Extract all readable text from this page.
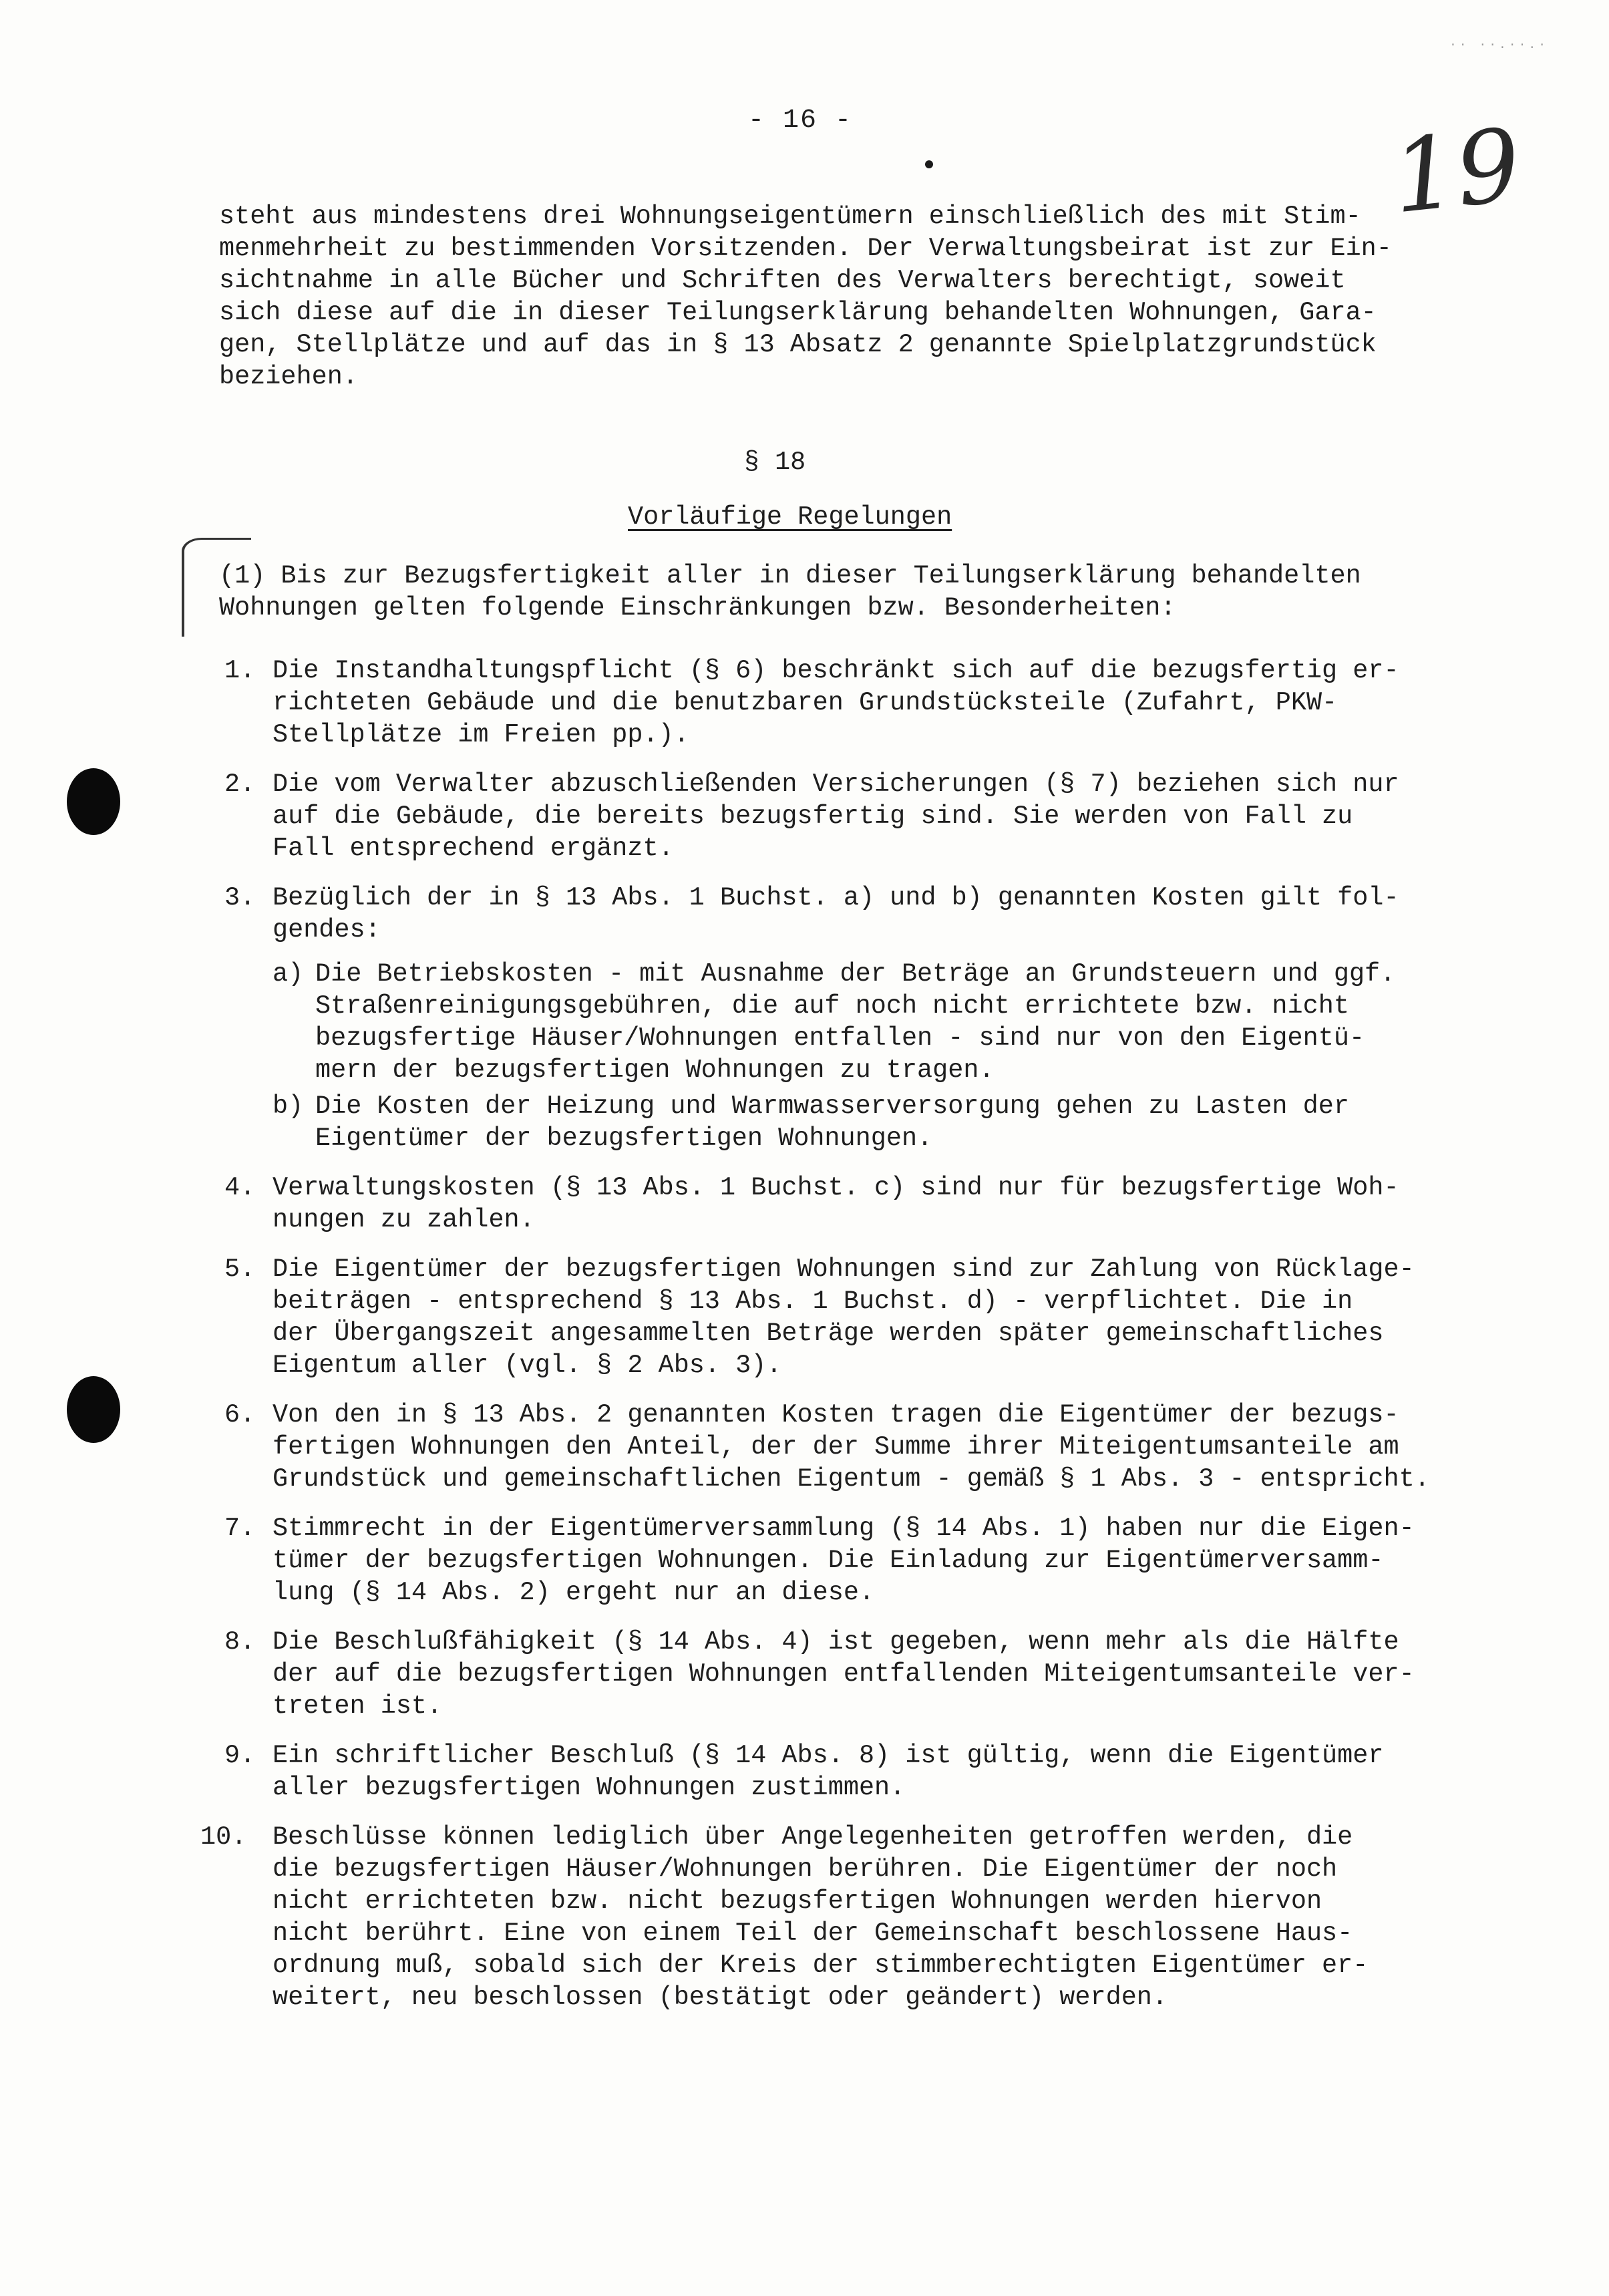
·· ··.··.·
- 16 -	19

steht aus mindestens drei Wohnungseigentümern einschließlich des mit Stim-
menmehrheit zu bestimmenden Vorsitzenden. Der Verwaltungsbeirat ist zur Ein-
sichtnahme in alle Bücher und Schriften des Verwalters berechtigt, soweit
sich diese auf die in dieser Teilungserklärung behandelten Wohnungen, Gara-
gen, Stellplätze und auf das in § 13 Absatz 2 genannte Spielplatzgrundstück
beziehen.

§ 18

Vorläufige Regelungen

(1) Bis zur Bezugsfertigkeit aller in dieser Teilungserklärung behandelten
Wohnungen gelten folgende Einschränkungen bzw. Besonderheiten:

1. Die Instandhaltungspflicht (§ 6) beschränkt sich auf die bezugsfertig er-
richteten Gebäude und die benutzbaren Grundstücksteile (Zufahrt, PKW-
Stellplätze im Freien pp.).
2. Die vom Verwalter abzuschließenden Versicherungen (§ 7) beziehen sich nur
auf die Gebäude, die bereits bezugsfertig sind. Sie werden von Fall zu
Fall entsprechend ergänzt.
3. Bezüglich der in § 13 Abs. 1 Buchst. a) und b) genannten Kosten gilt fol-
gendes:
a) Die Betriebskosten - mit Ausnahme der Beträge an Grundsteuern und ggf.
Straßenreinigungsgebühren, die auf noch nicht errichtete bzw. nicht
bezugsfertige Häuser/Wohnungen entfallen - sind nur von den Eigentü-
mern der bezugsfertigen Wohnungen zu tragen.
b) Die Kosten der Heizung und Warmwasserversorgung gehen zu Lasten der
Eigentümer der bezugsfertigen Wohnungen.
4. Verwaltungskosten (§ 13 Abs. 1 Buchst. c) sind nur für bezugsfertige Woh-
nungen zu zahlen.
5. Die Eigentümer der bezugsfertigen Wohnungen sind zur Zahlung von Rücklage-
beiträgen - entsprechend § 13 Abs. 1 Buchst. d) - verpflichtet. Die in
der Übergangszeit angesammelten Beträge werden später gemeinschaftliches
Eigentum aller (vgl. § 2 Abs. 3).
6. Von den in § 13 Abs. 2 genannten Kosten tragen die Eigentümer der bezugs-
fertigen Wohnungen den Anteil, der der Summe ihrer Miteigentumsanteile am
Grundstück und gemeinschaftlichen Eigentum - gemäß § 1 Abs. 3 - entspricht.
7. Stimmrecht in der Eigentümerversammlung (§ 14 Abs. 1) haben nur die Eigen-
tümer der bezugsfertigen Wohnungen. Die Einladung zur Eigentümerversamm-
lung (§ 14 Abs. 2) ergeht nur an diese.
8. Die Beschlußfähigkeit (§ 14 Abs. 4) ist gegeben, wenn mehr als die Hälfte
der auf die bezugsfertigen Wohnungen entfallenden Miteigentumsanteile ver-
treten ist.
9. Ein schriftlicher Beschluß (§ 14 Abs. 8) ist gültig, wenn die Eigentümer
aller bezugsfertigen Wohnungen zustimmen.
10. Beschlüsse können lediglich über Angelegenheiten getroffen werden, die
die bezugsfertigen Häuser/Wohnungen berühren. Die Eigentümer der noch
nicht errichteten bzw. nicht bezugsfertigen Wohnungen werden hiervon
nicht berührt. Eine von einem Teil der Gemeinschaft beschlossene Haus-
ordnung muß, sobald sich der Kreis der stimmberechtigten Eigentümer er-
weitert, neu beschlossen (bestätigt oder geändert) werden.
